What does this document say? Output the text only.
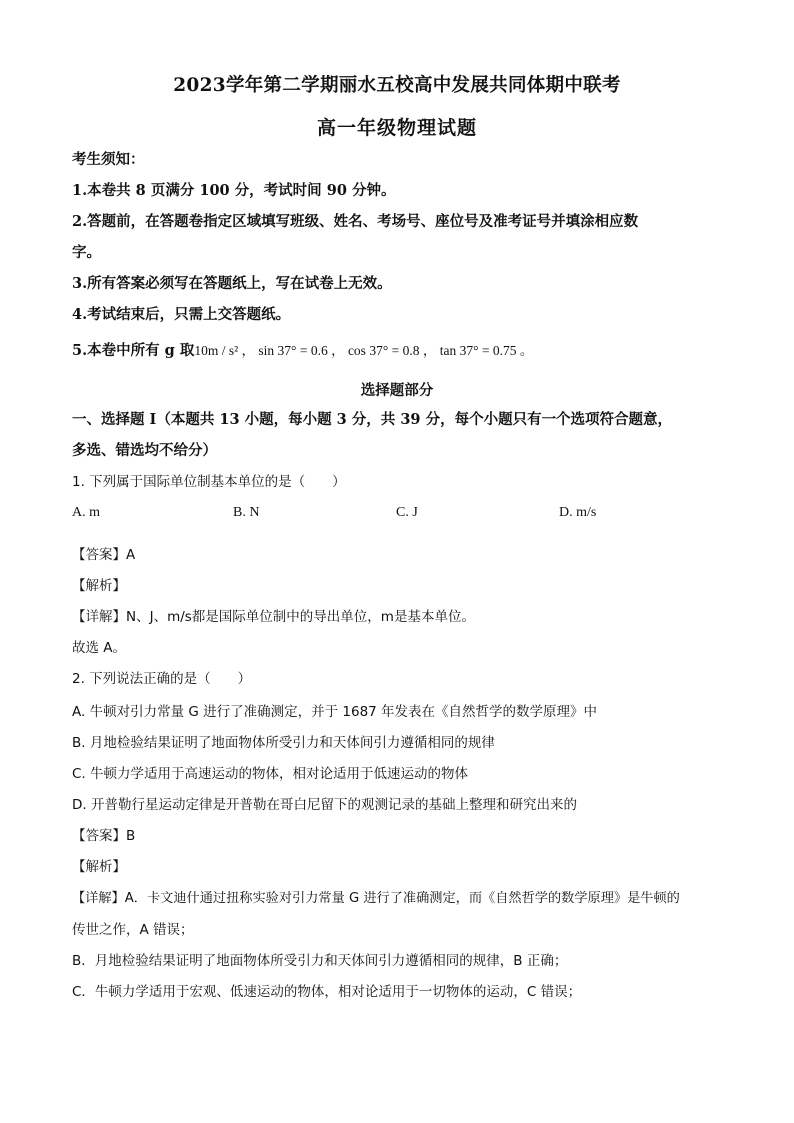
2023学年第二学期丽水五校高中发展共同体期中联考
高一年级物理试题
考生须知：
1.本卷共 8 页满分 100 分，考试时间 90 分钟。
2.答题前，在答题卷指定区域填写班级、姓名、考场号、座位号及准考证号并填涂相应数
字。
3.所有答案必须写在答题纸上，写在试卷上无效。
4.考试结束后，只需上交答题纸。
5.本卷中所有 g 取10m / s² ， sin 37° = 0.6 ， cos 37° = 0.8 ， tan 37° = 0.75 。
选择题部分
一、选择题 I（本题共 13 小题，每小题 3 分，共 39 分，每个小题只有一个选项符合题意，
多选、错选均不给分）
1. 下列属于国际单位制基本单位的是（　　）
A. m	B. N	C. J	D. m/s
【答案】A
【解析】
【详解】N、J、m/s都是国际单位制中的导出单位，m是基本单位。
故选 A。
2. 下列说法正确的是（　　）
A. 牛顿对引力常量 G 进行了准确测定，并于 1687 年发表在《自然哲学的数学原理》中
B. 月地检验结果证明了地面物体所受引力和天体间引力遵循相同的规律
C. 牛顿力学适用于高速运动的物体，相对论适用于低速运动的物体
D. 开普勒行星运动定律是开普勒在哥白尼留下的观测记录的基础上整理和研究出来的
【答案】B
【解析】
【详解】A．卡文迪什通过扭称实验对引力常量 G 进行了准确测定，而《自然哲学的数学原理》是牛顿的
传世之作，A 错误；
B．月地检验结果证明了地面物体所受引力和天体间引力遵循相同的规律，B 正确；
C．牛顿力学适用于宏观、低速运动的物体，相对论适用于一切物体的运动，C 错误；
